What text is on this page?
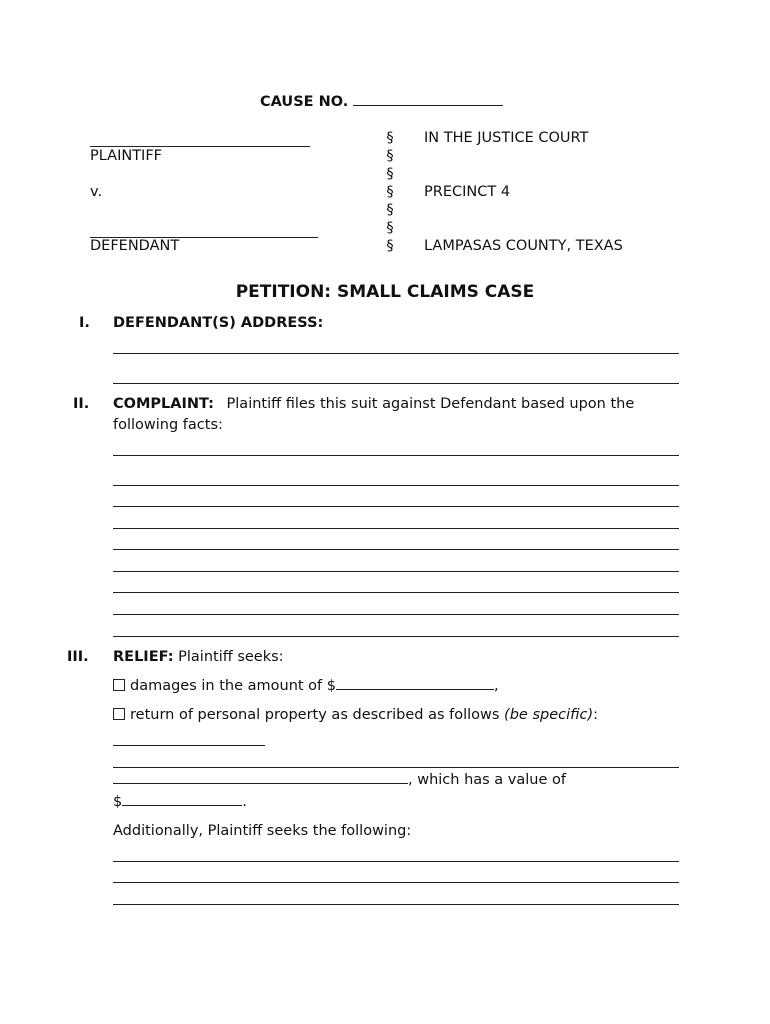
CAUSE NO.
PLAINTIFF
v.
DEFENDANT
§
§
§
§
§
§
§
IN THE JUSTICE COURT
PRECINCT 4
LAMPASAS COUNTY, TEXAS
PETITION: SMALL CLAIMS CASE
I. DEFENDANT(S) ADDRESS:
II. COMPLAINT: Plaintiff files this suit against Defendant based upon the
following facts:
III. RELIEF: Plaintiff seeks:
damages in the amount of $	,
return of personal property as described as follows (be specific):
, which has a value of
$	.
Additionally, Plaintiff seeks the following:
